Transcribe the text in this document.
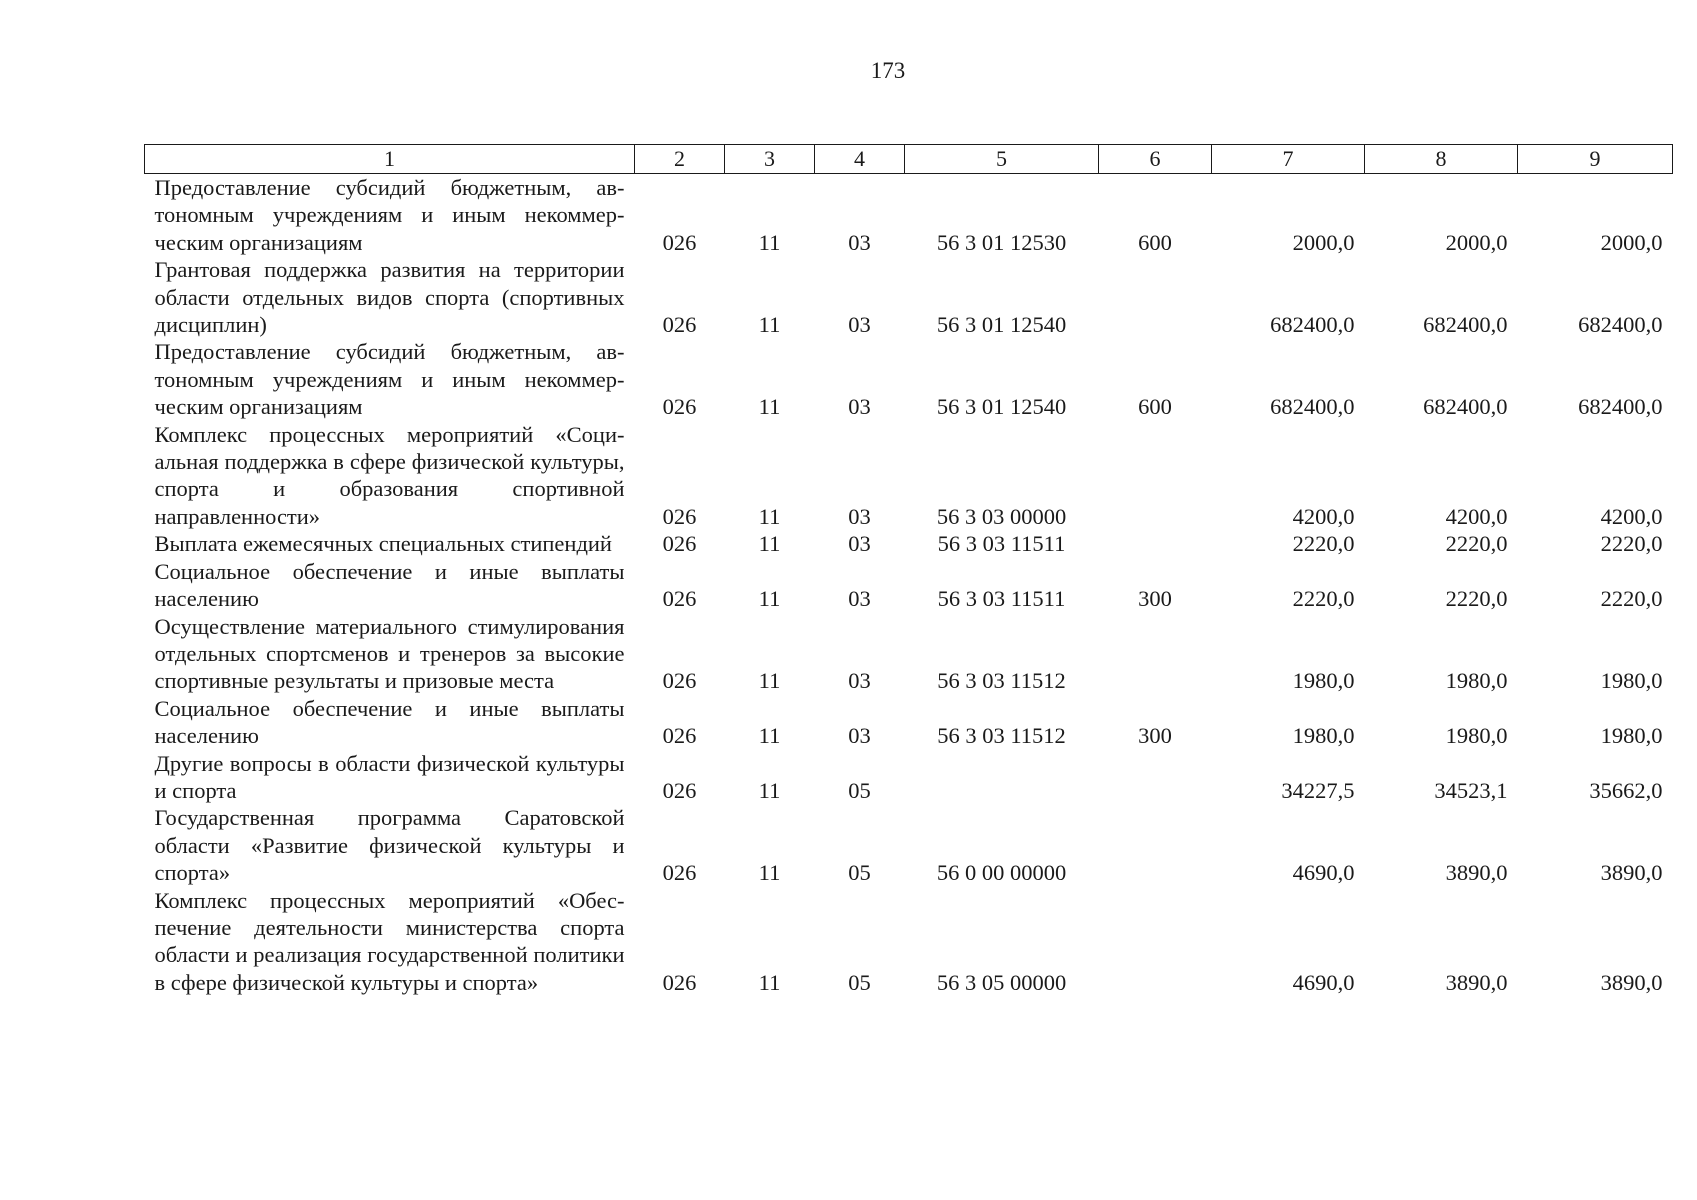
173
1	2	3	4	5	6	7	8	9
Предоставление субсидий бюджетным, автономным учреждениям и иным некоммерческим организациям	026	11	03	56 3 01 12530	600	2000,0	2000,0	2000,0
Грантовая поддержка развития на территории области отдельных видов спорта (спортивных дисциплин)	026	11	03	56 3 01 12540		682400,0	682400,0	682400,0
Предоставление субсидий бюджетным, автономным учреждениям и иным некоммерческим организациям	026	11	03	56 3 01 12540	600	682400,0	682400,0	682400,0
Комплекс процессных мероприятий «Социальная поддержка в сфере физической культуры, спорта и образования спортивной направленности»	026	11	03	56 3 03 00000		4200,0	4200,0	4200,0
Выплата ежемесячных специальных стипендий	026	11	03	56 3 03 11511		2220,0	2220,0	2220,0
Социальное обеспечение и иные выплаты населению	026	11	03	56 3 03 11511	300	2220,0	2220,0	2220,0
Осуществление материального стимулирования отдельных спортсменов и тренеров за высокие спортивные результаты и призовые места	026	11	03	56 3 03 11512		1980,0	1980,0	1980,0
Социальное обеспечение и иные выплаты населению	026	11	03	56 3 03 11512	300	1980,0	1980,0	1980,0
Другие вопросы в области физической культуры и спорта	026	11	05			34227,5	34523,1	35662,0
Государственная программа Саратовской области «Развитие физической культуры и спорта»	026	11	05	56 0 00 00000		4690,0	3890,0	3890,0
Комплекс процессных мероприятий «Обеспечение деятельности министерства спорта области и реализация государственной политики в сфере физической культуры и спорта»	026	11	05	56 3 05 00000		4690,0	3890,0	3890,0
